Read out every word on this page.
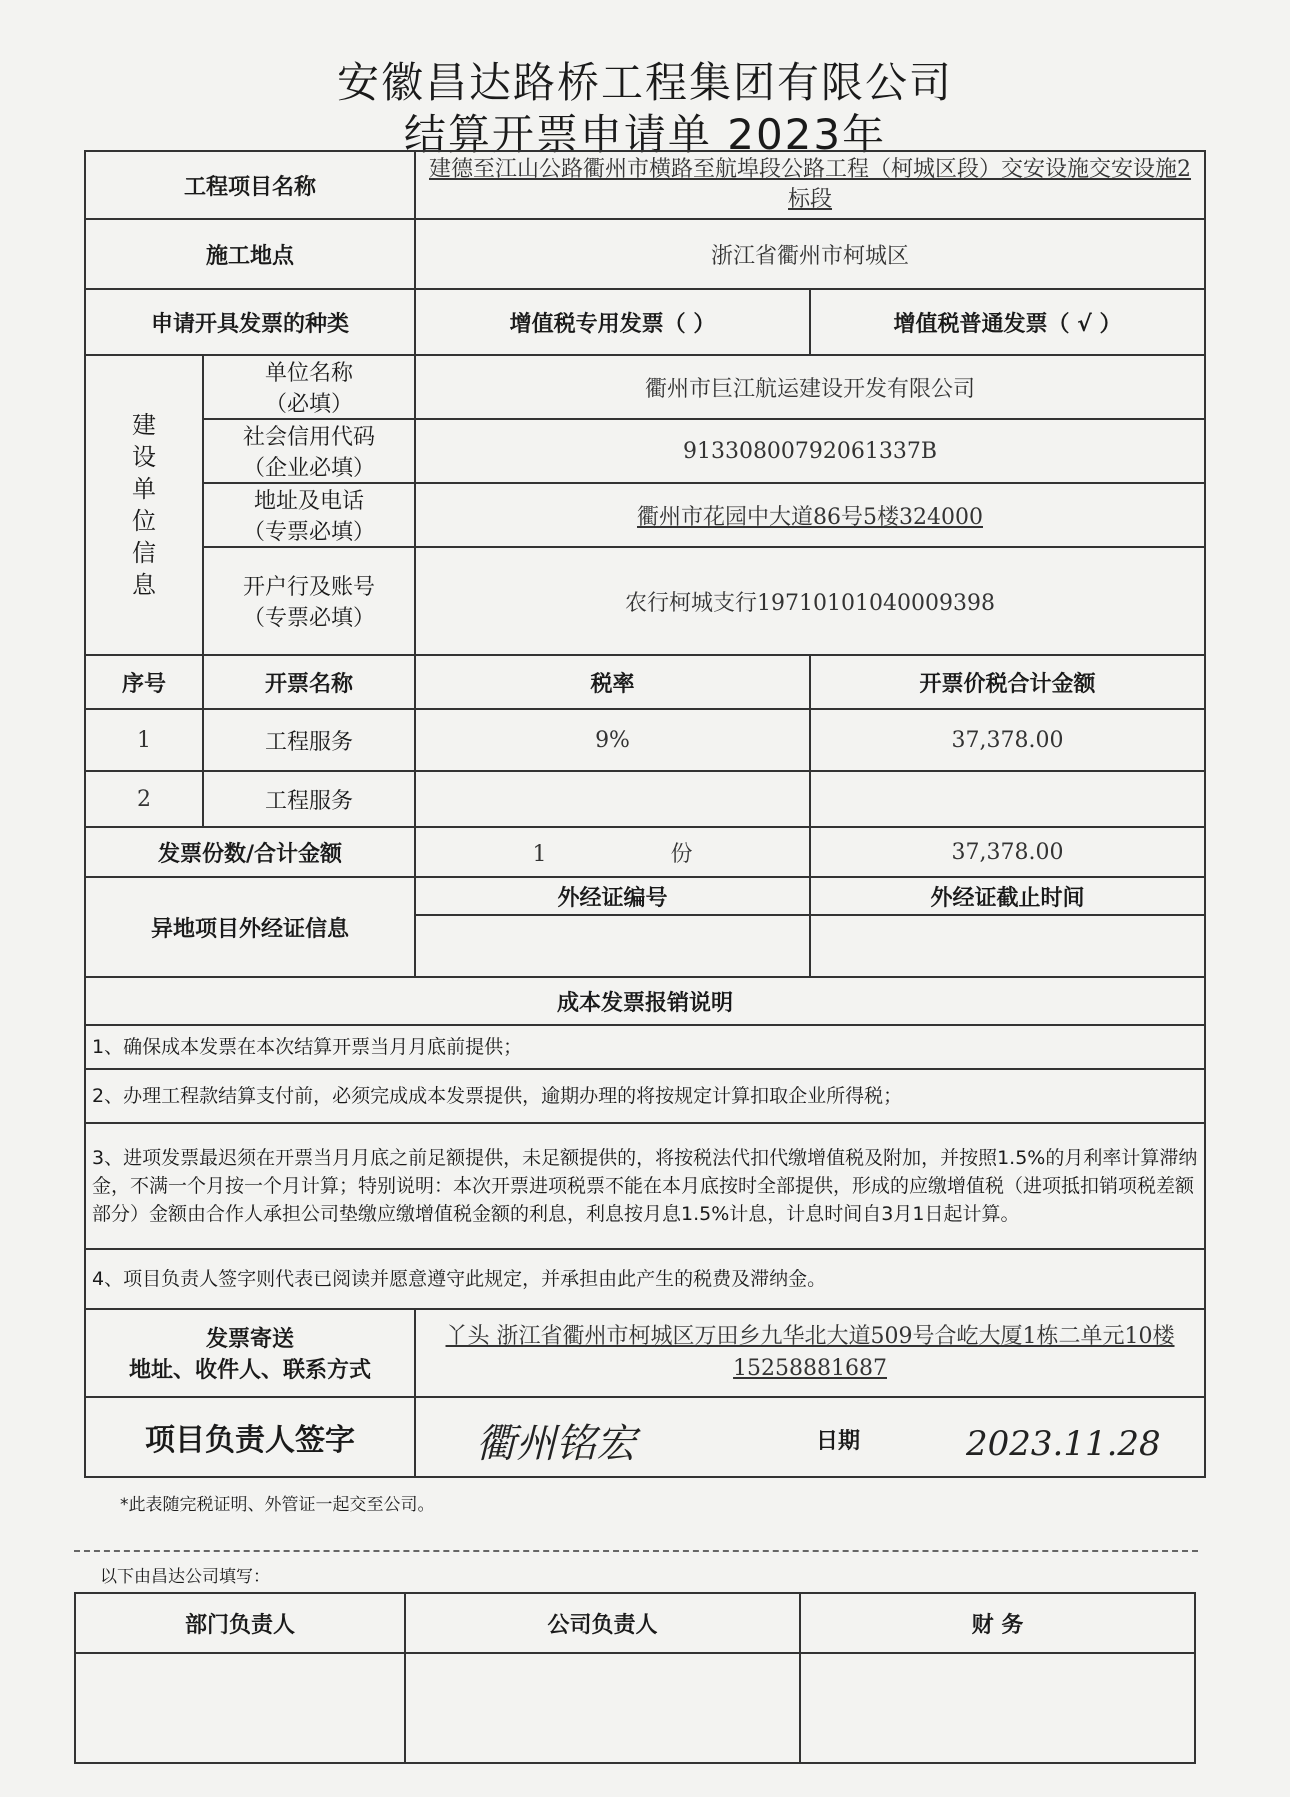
安徽昌达路桥工程集团有限公司
结算开票申请单 2023年
工程项目名称		建德至江山公路衢州市横路至航埠段公路工程（柯城区段）交安设施交安设施2标段	
施工地点		浙江省衢州市柯城区	
申请开具发票的种类		增值税专用发票（ ）	增值税普通发票（ √ ）

建设单位信息	单位名称
（必填）	衢州市巨江航运建设开发有限公司	

	社会信用代码
（企业必填）	91330800792061337B	

	地址及电话
（专票必填）	衢州市花园中大道86号5楼324000	

	开户行及账号
（专票必填）	农行柯城支行19710101040009398	
序号	开票名称	税率	开票价税合计金额
1	工程服务	9%	37,378.00
2	工程服务		
发票份数/合计金额		1 份	37,378.00
异地项目外经证信息		外经证编号	外经证截止时间

成本发票报销说明			
1、确保成本发票在本次结算开票当月月底前提供；			
2、办理工程款结算支付前，必须完成成本发票提供，逾期办理的将按规定计算扣取企业所得税；			
3、进项发票最迟须在开票当月月底之前足额提供，未足额提供的，将按税法代扣代缴增值税及附加，并按照1.5%的月利率计算滞纳金，不满一个月按一个月计算；特别说明：本次开票进项税票不能在本月底按时全部提供，形成的应缴增值税（进项抵扣销项税差额部分）金额由合作人承担公司垫缴应缴增值税金额的利息，利息按月息1.5%计息，计息时间自3月1日起计算。			
4、项目负责人签字则代表已阅读并愿意遵守此规定，并承担由此产生的税费及滞纳金。			

发票寄送
地址、收件人、联系方式		丫头 浙江省衢州市柯城区万田乡九华北大道509号合屹大厦1栋二单元10楼 15258881687	
项目负责人签字		衢州铭宏 日期 2023.11.28	
*此表随完税证明、外管证一起交至公司。
以下由昌达公司填写：
部门负责人	公司负责人	财 务
